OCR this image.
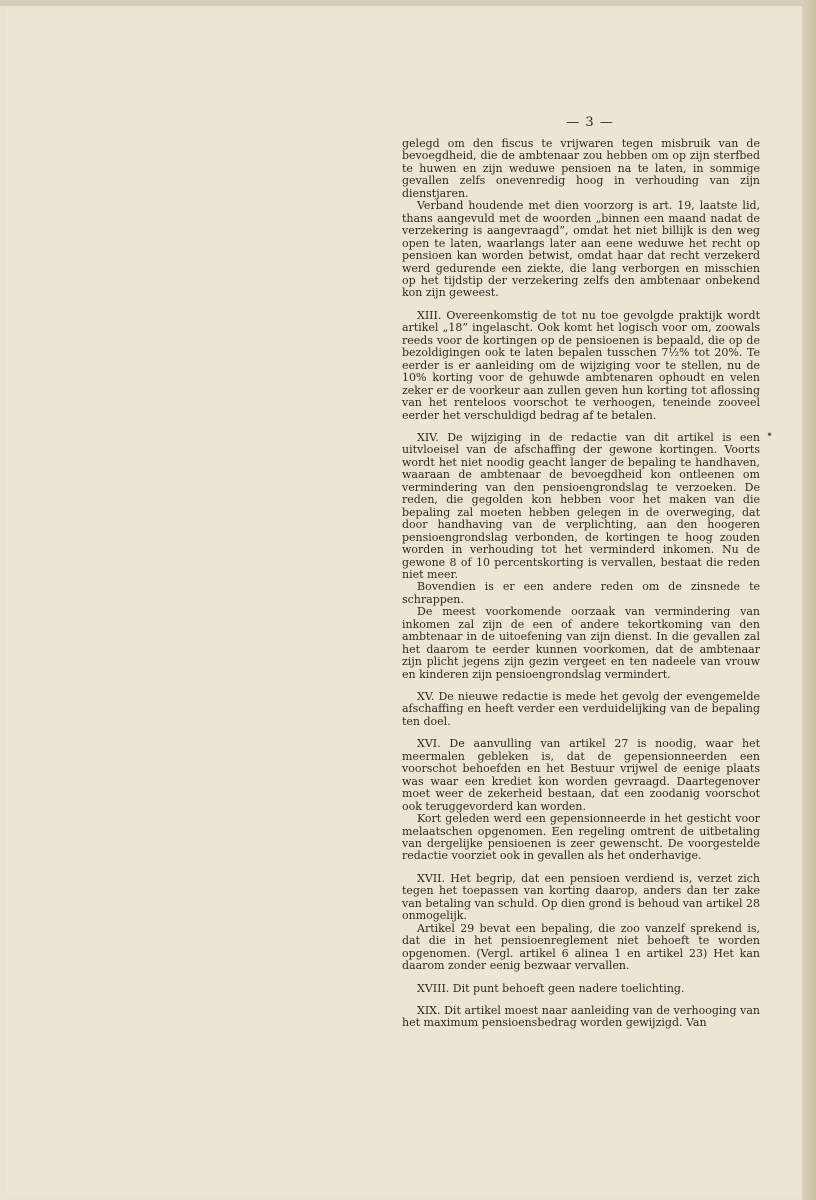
— 3 —

gelegd om den fiscus te vrijwaren tegen misbruik van de bevoegdheid, die de ambtenaar zou hebben om op zijn sterfbed te huwen en zijn weduwe pensioen na te laten, in sommige gevallen zelfs onevenredig hoog in verhouding van zijn dienstjaren.

Verband houdende met dien voorzorg is art. 19, laatste lid, thans aangevuld met de woorden „binnen een maand nadat de verzekering is aangevraagd”, omdat het niet billijk is den weg open te laten, waarlangs later aan eene weduwe het recht op pensioen kan worden betwist, omdat haar dat recht verzekerd werd gedurende een ziekte, die lang verborgen en misschien op het tijdstip der verzekering zelfs den ambtenaar onbekend kon zijn geweest.

XIII. Overeenkomstig de tot nu toe gevolgde praktijk wordt artikel „18” ingelascht. Ook komt het logisch voor om, zoowals reeds voor de kortingen op de pensioenen is bepaald, die op de bezoldigingen ook te laten bepalen tusschen 7½% tot 20%. Te eerder is er aanleiding om de wijziging voor te stellen, nu de 10% korting voor de gehuwde ambtenaren ophoudt en velen zeker er de voorkeur aan zullen geven hun korting tot aflossing van het renteloos voorschot te verhoogen, teneinde zooveel eerder het verschuldigd bedrag af te betalen.

XIV. De wijziging in de redactie van dit artikel is een uitvloeisel van de afschaffing der gewone kortingen. Voorts wordt het niet noodig geacht langer de bepaling te handhaven, waaraan de ambtenaar de bevoegdheid kon ontleenen om vermindering van den pensioengrondslag te verzoeken. De reden, die gegolden kon hebben voor het maken van die bepaling zal moeten hebben gelegen in de overweging, dat door handhaving van de verplichting, aan den hoogeren pensioengrondslag verbonden, de kortingen te hoog zouden worden in verhouding tot het verminderd inkomen. Nu de gewone 8 of 10 percentskorting is vervallen, bestaat die reden niet meer.

Bovendien is er een andere reden om de zinsnede te schrappen.

De meest voorkomende oorzaak van vermindering van inkomen zal zijn de een of andere tekortkoming van den ambtenaar in de uitoefening van zijn dienst. In die gevallen zal het daarom te eerder kunnen voorkomen, dat de ambtenaar zijn plicht jegens zijn gezin vergeet en ten nadeele van vrouw en kinderen zijn pensioengrondslag vermindert.

XV. De nieuwe redactie is mede het gevolg der evengemelde afschaffing en heeft verder een verduidelijking van de bepaling ten doel.

XVI. De aanvulling van artikel 27 is noodig, waar het meermalen gebleken is, dat de gepensionneerden een voorschot behoefden en het Bestuur vrijwel de eenige plaats was waar een krediet kon worden gevraagd. Daartegenover moet weer de zekerheid bestaan, dat een zoodanig voorschot ook teruggevorderd kan worden.

Kort geleden werd een gepensionneerde in het gesticht voor melaatschen opgenomen. Een regeling omtrent de uitbetaling van dergelijke pensioenen is zeer gewenscht. De voorgestelde redactie voorziet ook in gevallen als het onderhavige.

XVII. Het begrip, dat een pensioen verdiend is, verzet zich tegen het toepassen van korting daarop, anders dan ter zake van betaling van schuld. Op dien grond is behoud van artikel 28 onmogelijk.

Artikel 29 bevat een bepaling, die zoo vanzelf sprekend is, dat die in het pensioenreglement niet behoeft te worden opgenomen. (Vergl. artikel 6 alinea 1 en artikel 23) Het kan daarom zonder eenig bezwaar vervallen.

XVIII. Dit punt behoeft geen nadere toelichting.

XIX. Dit artikel moest naar aanleiding van de verhooging van het maximum pensioensbedrag worden gewijzigd. Van

•
